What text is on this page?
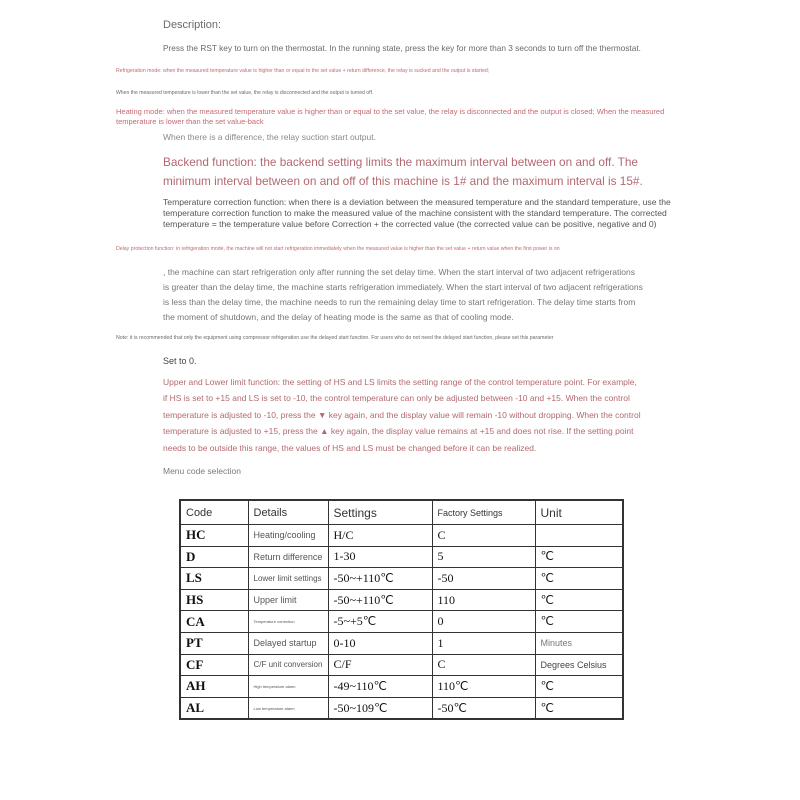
Description:
Press the RST key to turn on the thermostat. In the running state, press the key for more than 3 seconds to turn off the thermostat.
Refrigeration mode: when the measured temperature value is higher than or equal to the set value + return difference, the relay is sucked and the output is started;
When the measured temperature is lower than the set value, the relay is disconnected and the output is turned off.
Heating mode: when the measured temperature value is higher than or equal to the set value, the relay is disconnected and the output is closed; When the measured temperature is lower than the set value-back
When there is a difference, the relay suction start output.
Backend function: the backend setting limits the maximum interval between on and off. The minimum interval between on and off of this machine is 1# and the maximum interval is 15#.
Temperature correction function: when there is a deviation between the measured temperature and the standard temperature, use the temperature correction function to make the measured value of the machine consistent with the standard temperature. The corrected temperature = the temperature value before Correction + the corrected value (the corrected value can be positive, negative and 0)
Delay protection function: in refrigeration mode, the machine will not start refrigeration immediately when the measured value is higher than the set value + return value when the first power is on
, the machine can start refrigeration only after running the set delay time. When the start interval of two adjacent refrigerations is greater than the delay time, the machine starts refrigeration immediately. When the start interval of two adjacent refrigerations is less than the delay time, the machine needs to run the remaining delay time to start refrigeration. The delay time starts from the moment of shutdown, and the delay of heating mode is the same as that of cooling mode.
Note: it is recommended that only the equipment using compressor refrigeration use the delayed start function. For users who do not need the delayed start function, please set this parameter
Set to 0.
Upper and Lower limit function: the setting of HS and LS limits the setting range of the control temperature point. For example, if HS is set to +15 and LS is set to -10, the control temperature can only be adjusted between -10 and +15. When the control temperature is adjusted to -10, press the ▼ key again, and the display value will remain -10 without dropping. When the control temperature is adjusted to +15, press the ▲ key again, the display value remains at +15 and does not rise. If the setting point needs to be outside this range, the values of HS and LS must be changed before it can be realized.
Menu code selection
Code	Details	Settings	Factory Settings	Unit
HC	Heating/cooling	H/C	C	
D	Return difference	1-30	5	℃
LS	Lower limit settings	-50~+110℃	-50	℃
HS	Upper limit	-50~+110℃	110	℃
CA	Temperature correction	-5~+5℃	0	℃
PT	Delayed startup	0-10	1	Minutes
CF	C/F unit conversion	C/F	C	Degrees Celsius
AH	High temperature alarm	-49~110℃	110℃	℃
AL	Low temperature alarm	-50~109℃	-50℃	℃
